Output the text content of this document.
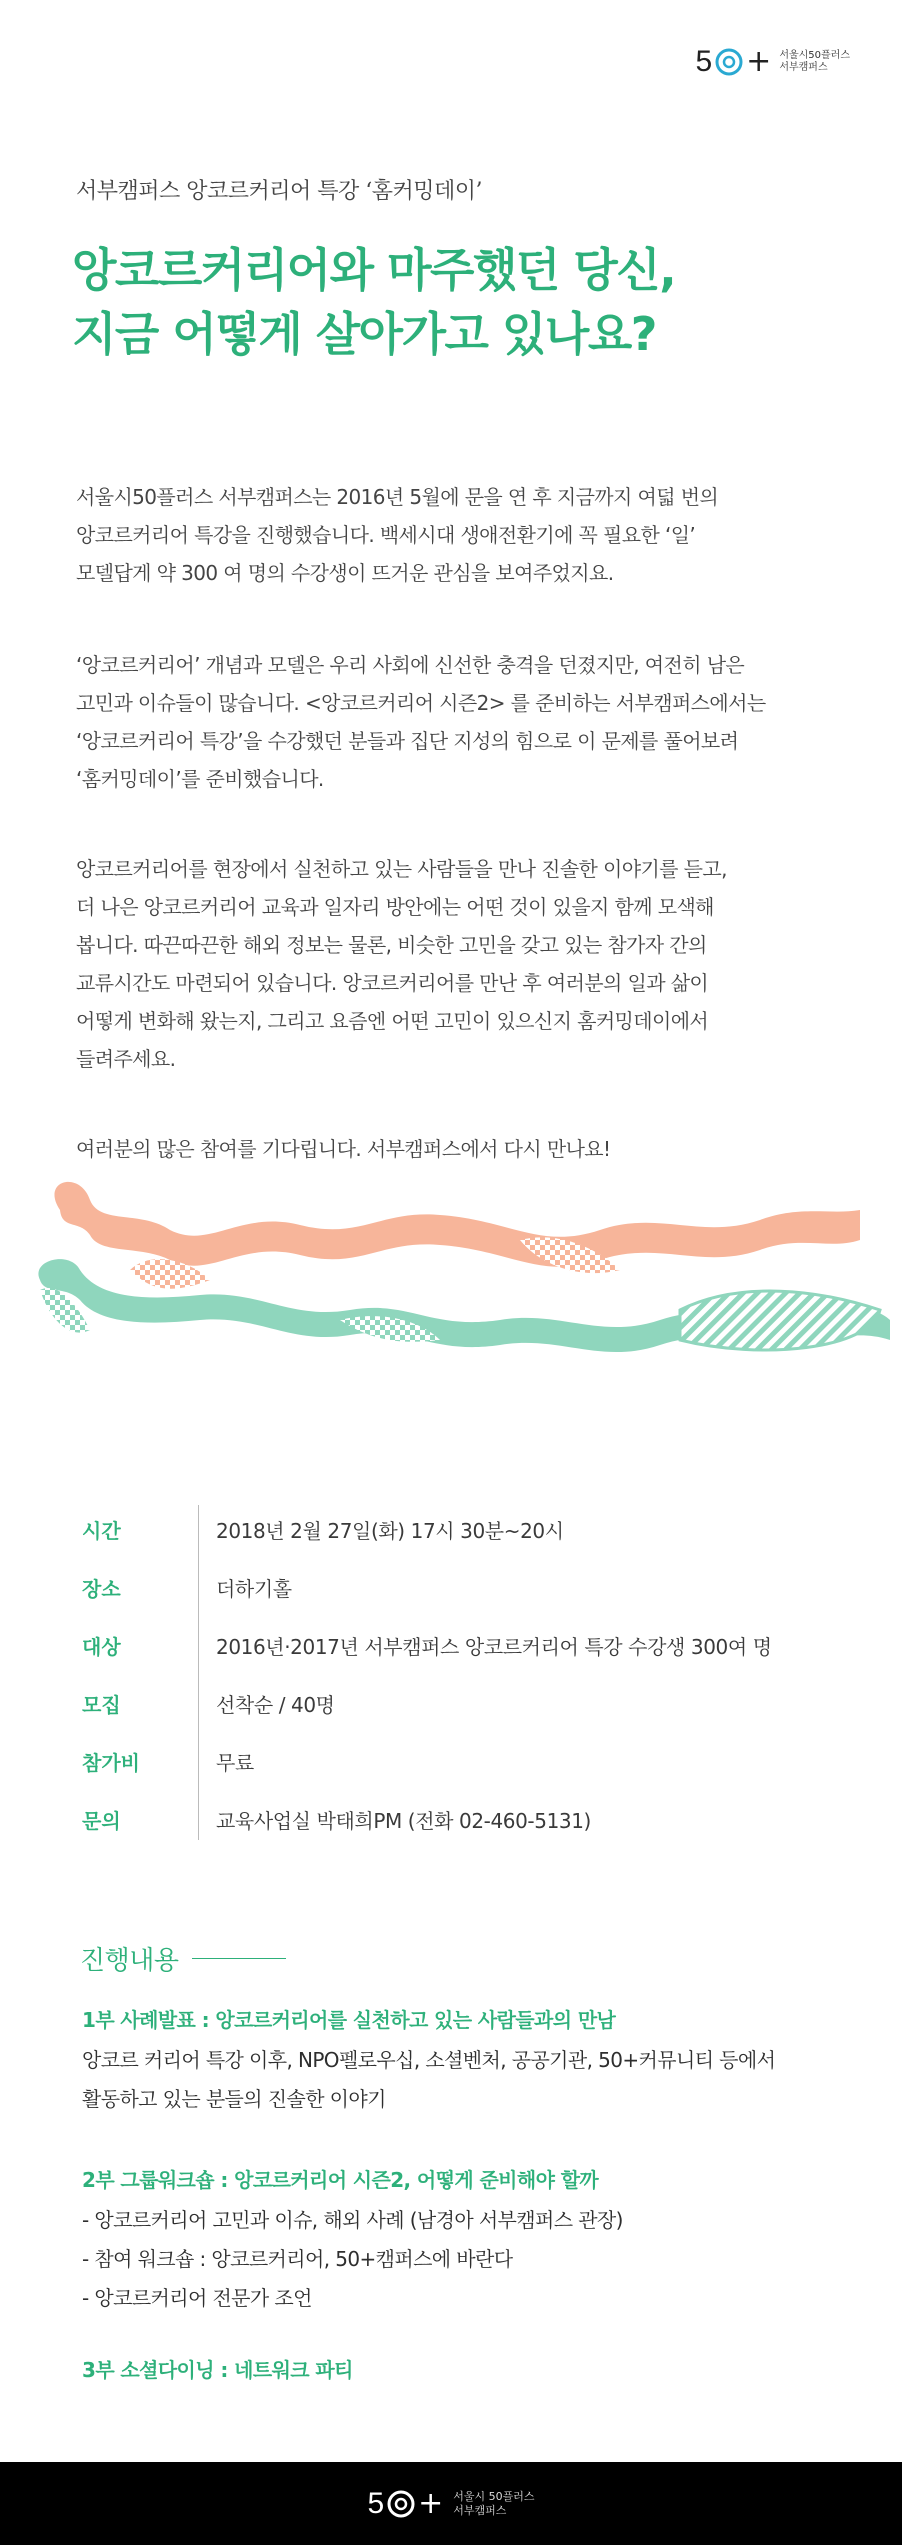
5 + 서울시50플러스
서부캠퍼스
서부캠퍼스 앙코르커리어 특강 ‘홈커밍데이’
앙코르커리어와 마주했던 당신,
지금 어떻게 살아가고 있나요?

서울시50플러스 서부캠퍼스는 2016년 5월에 문을 연 후 지금까지 여덟 번의
앙코르커리어 특강을 진행했습니다. 백세시대 생애전환기에 꼭 필요한 ‘일’
모델답게 약 300 여 명의 수강생이 뜨거운 관심을 보여주었지요.

‘앙코르커리어’ 개념과 모델은 우리 사회에 신선한 충격을 던졌지만, 여전히 남은
고민과 이슈들이 많습니다. <앙코르커리어 시즌2> 를 준비하는 서부캠퍼스에서는
‘앙코르커리어 특강’을 수강했던 분들과 집단 지성의 힘으로 이 문제를 풀어보려
‘홈커밍데이’를 준비했습니다.

앙코르커리어를 현장에서 실천하고 있는 사람들을 만나 진솔한 이야기를 듣고,
더 나은 앙코르커리어 교육과 일자리 방안에는 어떤 것이 있을지 함께 모색해
봅니다. 따끈따끈한 해외 정보는 물론, 비슷한 고민을 갖고 있는 참가자 간의
교류시간도 마련되어 있습니다. 앙코르커리어를 만난 후 여러분의 일과 삶이
어떻게 변화해 왔는지, 그리고 요즘엔 어떤 고민이 있으신지 홈커밍데이에서
들려주세요.

여러분의 많은 참여를 기다립니다. 서부캠퍼스에서 다시 만나요!

시간	2018년 2월 27일(화) 17시 30분~20시
장소	더하기홀
대상	2016년·2017년 서부캠퍼스 앙코르커리어 특강 수강생 300여 명
모집	선착순 / 40명
참가비	무료
문의	교육사업실 박태희PM (전화 02-460-5131)
진행내용

1부 사례발표 : 앙코르커리어를 실천하고 있는 사람들과의 만남

앙코르 커리어 특강 이후, NPO펠로우십, 소셜벤처, 공공기관, 50+커뮤니티 등에서

활동하고 있는 분들의 진솔한 이야기

2부 그룹워크숍 : 앙코르커리어 시즌2, 어떻게 준비해야 할까

- 앙코르커리어 고민과 이슈, 해외 사례 (남경아 서부캠퍼스 관장)

- 참여 워크숍 : 앙코르커리어, 50+캠퍼스에 바란다

- 앙코르커리어 전문가 조언

3부 소셜다이닝 : 네트워크 파티

5 + 서울시 50플러스
서부캠퍼스
